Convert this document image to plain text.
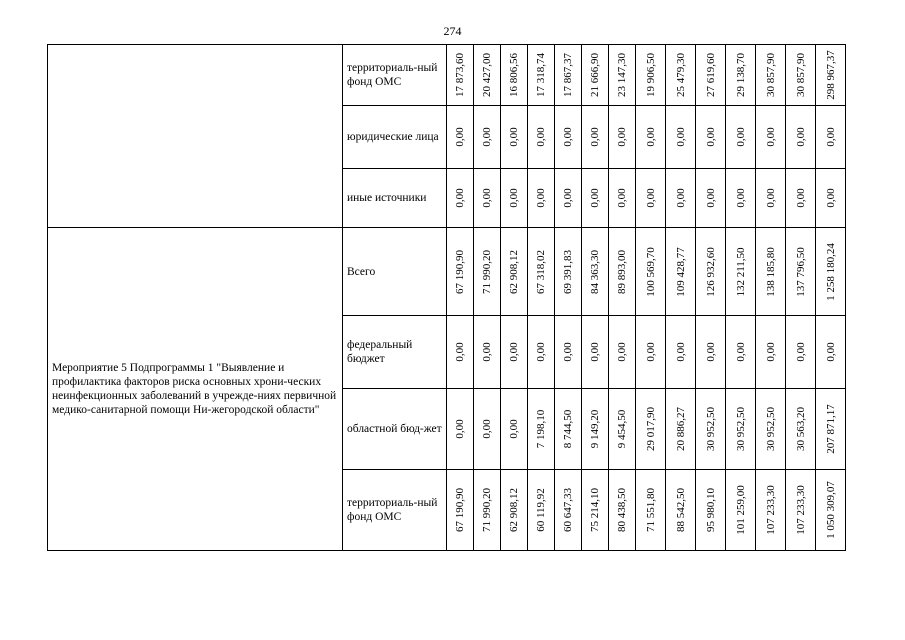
274
	территориаль-ный фонд ОМС	17 873,60	20 427,00	16 806,56	17 318,74	17 867,37	21 666,90	23 147,30	19 906,50	25 479,30	27 619,60	29 138,70	30 857,90	30 857,90	298 967,37

	юридические лица	0,00	0,00	0,00	0,00	0,00	0,00	0,00	0,00	0,00	0,00	0,00	0,00	0,00	0,00

	иные источники	0,00	0,00	0,00	0,00	0,00	0,00	0,00	0,00	0,00	0,00	0,00	0,00	0,00	0,00

Мероприятие 5 Подпрограммы 1 "Выявление и профилактика факторов риска основных хрони-ческих неинфекционных заболеваний в учрежде-ниях первичной медико-санитарной помощи Ни-жегородской области"	Всего	67 190,90	71 990,20	62 908,12	67 318,02	69 391,83	84 363,30	89 893,00	100 569,70	109 428,77	126 932,60	132 211,50	138 185,80	137 796,50	1 258 180,24

	федеральный бюджет	0,00	0,00	0,00	0,00	0,00	0,00	0,00	0,00	0,00	0,00	0,00	0,00	0,00	0,00

	областной бюд-жет	0,00	0,00	0,00	7 198,10	8 744,50	9 149,20	9 454,50	29 017,90	20 886,27	30 952,50	30 952,50	30 952,50	30 563,20	207 871,17

	территориаль-ный фонд ОМС	67 190,90	71 990,20	62 908,12	60 119,92	60 647,33	75 214,10	80 438,50	71 551,80	88 542,50	95 980,10	101 259,00	107 233,30	107 233,30	1 050 309,07
